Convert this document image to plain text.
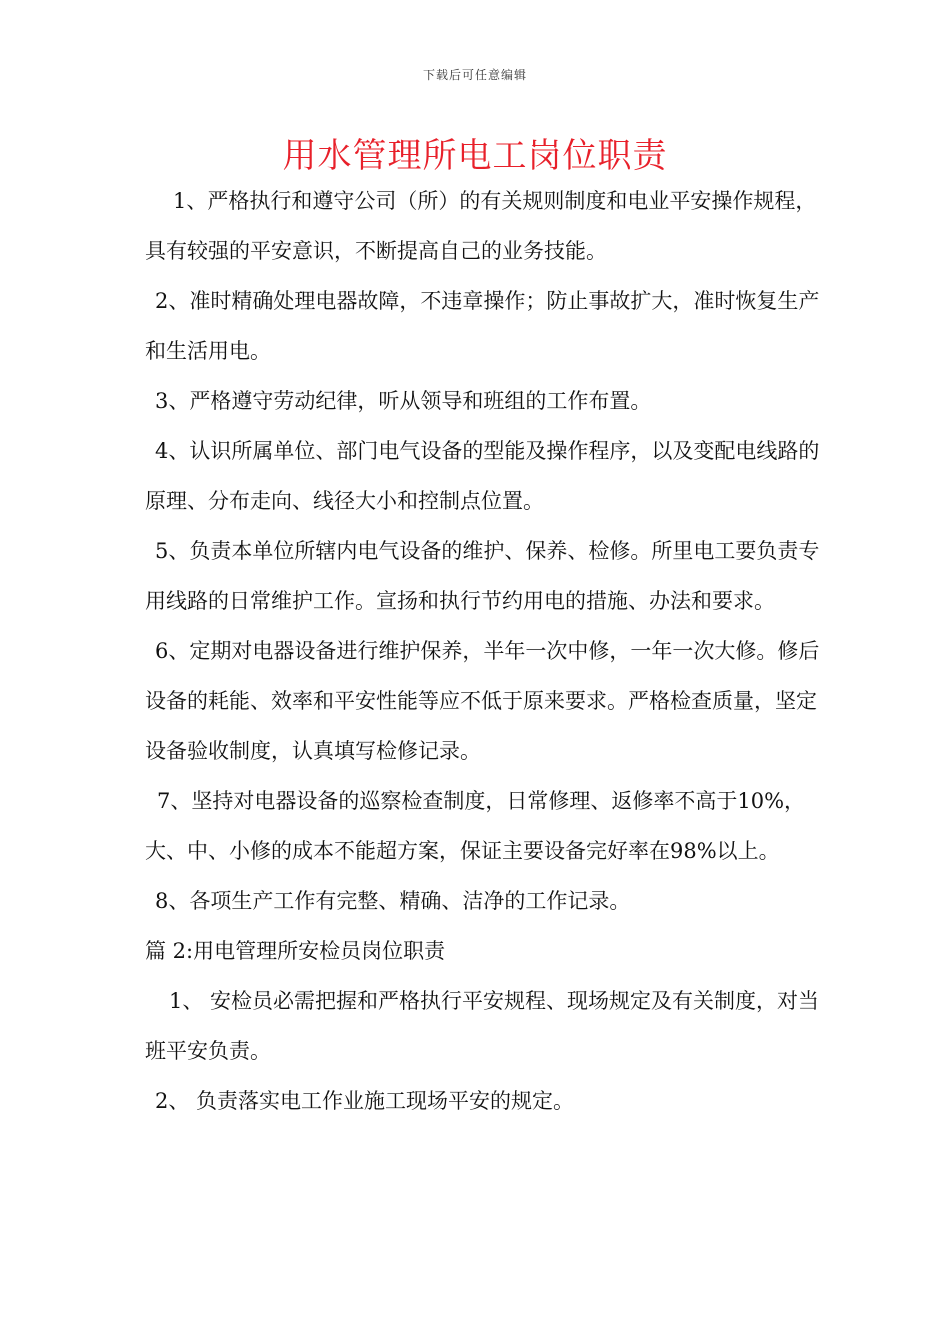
下载后可任意编辑
用水管理所电工岗位职责

1、严格执行和遵守公司（所）的有关规则制度和电业平安操作规程，具有较强的平安意识，不断提高自己的业务技能。

2、准时精确处理电器故障，不违章操作；防止事故扩大，准时恢复生产和生活用电。

3、严格遵守劳动纪律，听从领导和班组的工作布置。

4、认识所属单位、部门电气设备的型能及操作程序，以及变配电线路的原理、分布走向、线径大小和控制点位置。

5、负责本单位所辖内电气设备的维护、保养、检修。所里电工要负责专用线路的日常维护工作。宣扬和执行节约用电的措施、办法和要求。

6、定期对电器设备进行维护保养，半年一次中修，一年一次大修。修后设备的耗能、效率和平安性能等应不低于原来要求。严格检查质量，坚定设备验收制度，认真填写检修记录。

7、坚持对电器设备的巡察检查制度，日常修理、返修率不高于10%，大、中、小修的成本不能超方案，保证主要设备完好率在98%以上。

8、各项生产工作有完整、精确、洁净的工作记录。

篇 2:用电管理所安检员岗位职责

1、 安检员必需把握和严格执行平安规程、现场规定及有关制度，对当班平安负责。

2、 负责落实电工作业施工现场平安的规定。
